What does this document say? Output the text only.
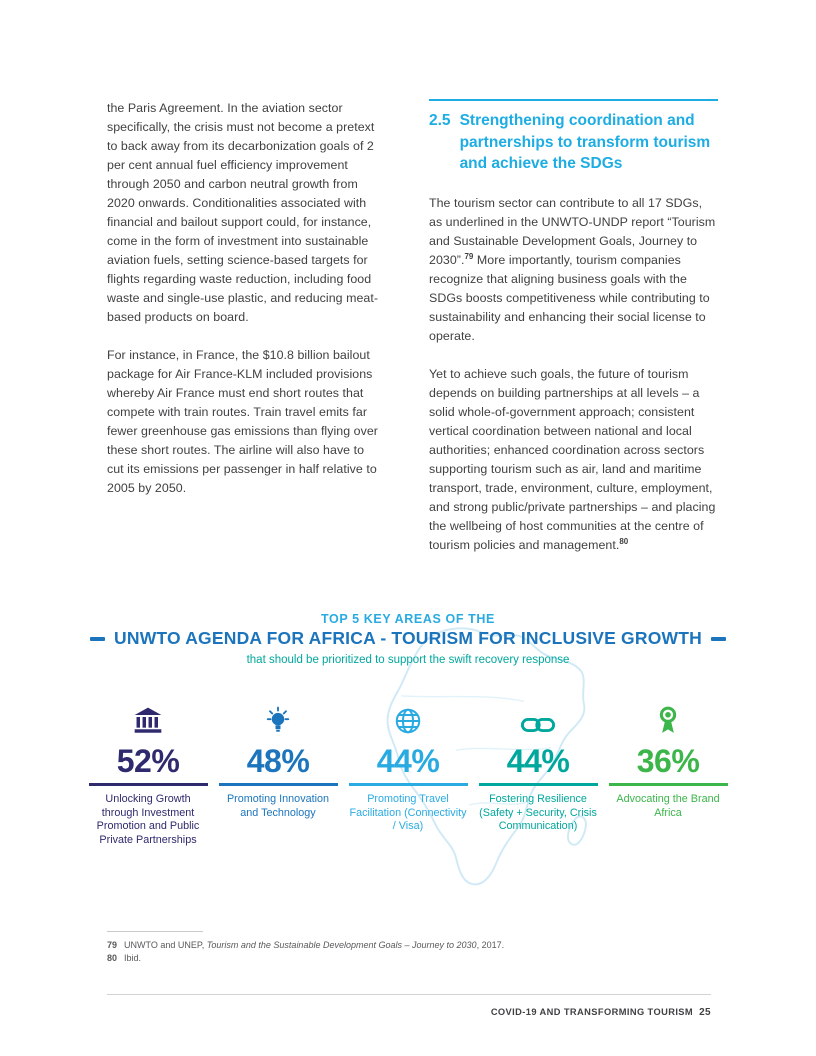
the Paris Agreement. In the aviation sector specifically, the crisis must not become a pretext to back away from its decarbonization goals of 2 per cent annual fuel efficiency improvement through 2050 and carbon neutral growth from 2020 onwards. Conditionalities associated with financial and bailout support could, for instance, come in the form of investment into sustainable aviation fuels, setting science-based targets for flights regarding waste reduction, including food waste and single-use plastic, and reducing meat-based products on board.

For instance, in France, the $10.8 billion bailout package for Air France-KLM included provisions whereby Air France must end short routes that compete with train routes. Train travel emits far fewer greenhouse gas emissions than flying over these short routes. The airline will also have to cut its emissions per passenger in half relative to 2005 by 2050.

2.5 Strengthening coordination and partnerships to transform tourism and achieve the SDGs

The tourism sector can contribute to all 17 SDGs, as underlined in the UNWTO-UNDP report “Tourism and Sustainable Development Goals, Journey to 2030”.$^{79}$ More importantly, tourism companies recognize that aligning business goals with the SDGs boosts competitiveness while contributing to sustainability and enhancing their social license to operate.

Yet to achieve such goals, the future of tourism depends on building partnerships at all levels – a solid whole-of-government approach; consistent vertical coordination between national and local authorities; enhanced coordination across sectors supporting tourism such as air, land and maritime transport, trade, environment, culture, employment, and strong public/private partnerships – and placing the wellbeing of host communities at the centre of tourism policies and management.$^{80}$

TOP 5 KEY AREAS OF THE
UNWTO AGENDA FOR AFRICA - TOURISM FOR INCLUSIVE GROWTH
that should be prioritized to support the swift recovery response
52%
Unlocking Growth through Investment Promotion and Public Private Partnerships
48%
Promoting Innovation and Technology
44%
Promoting Travel Facilitation (Connectivity / Visa)
44%
Fostering Resilience (Safety + Security, Crisis Communication)
36%
Advocating the Brand Africa
79 UNWTO and UNEP, Tourism and the Sustainable Development Goals – Journey to 2030, 2017.
80 Ibid.
COVID-19 AND TRANSFORMING TOURISM 25
